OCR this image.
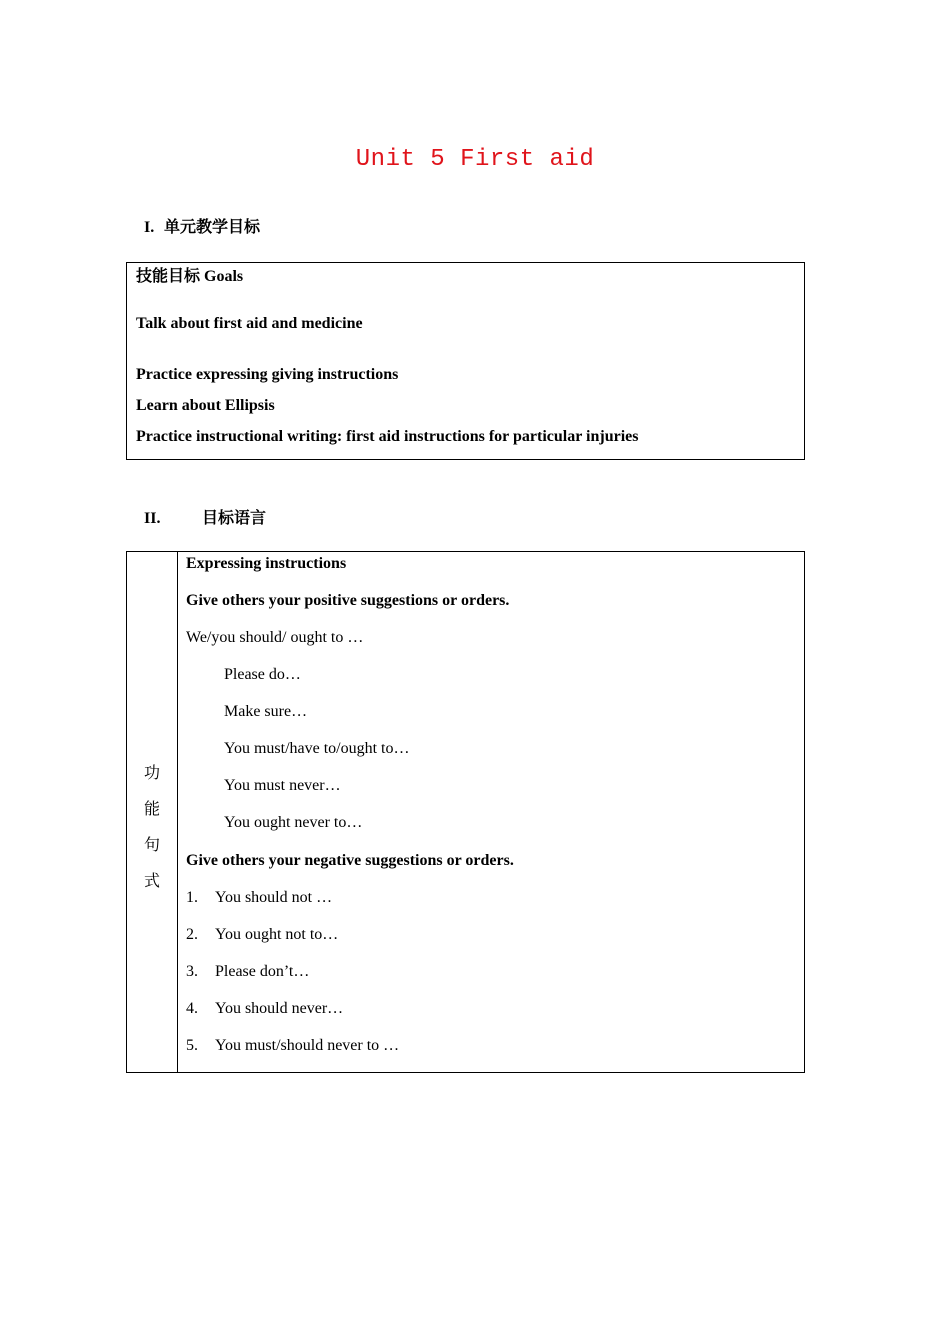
Unit 5 First aid
I. 单元教学目标
技能目标 Goals
Talk about first aid and medicine
Practice expressing giving instructions
Learn about Ellipsis
Practice instructional writing: first aid instructions for particular injuries
II.	目标语言
功
能
句
式
Expressing instructions
Give others your positive suggestions or orders.
We/you should/ ought to …
Please do…
Make sure…
You must/have to/ought to…
You must never…
You ought never to…
Give others your negative suggestions or orders.
1. You should not …
2. You ought not to…
3. Please don’t…
4. You should never…
5. You must/should never to …
